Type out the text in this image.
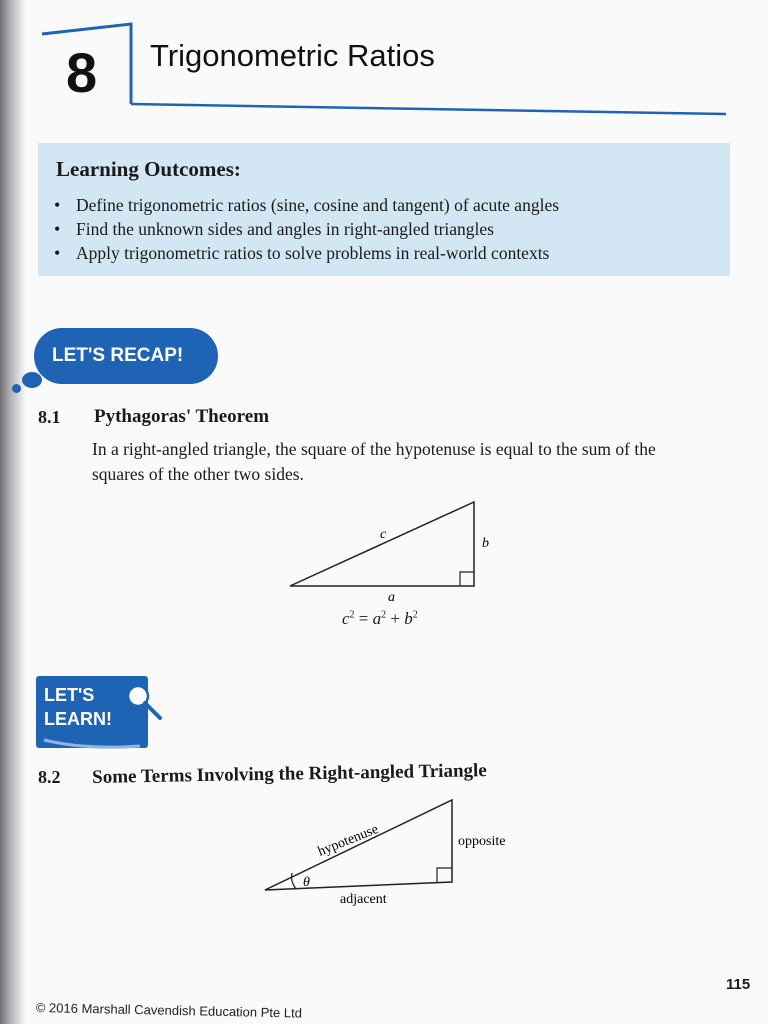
8 Trigonometric Ratios
Learning Outcomes:
• Define trigonometric ratios (sine, cosine and tangent) of acute angles
• Find the unknown sides and angles in right-angled triangles
• Apply trigonometric ratios to solve problems in real-world contexts
LET'S RECAP!
8.1 Pythagoras' Theorem
In a right-angled triangle, the square of the hypotenuse is equal to the sum of the squares of the other two sides.
c
b
a
$c^2 = a^2 + b^2$
LET'S
LEARN!
8.2 Some Terms Involving the Right-angled Triangle
θ
hypotenuse	opposite
adjacent
115
© 2016 Marshall Cavendish Education Pte Ltd
